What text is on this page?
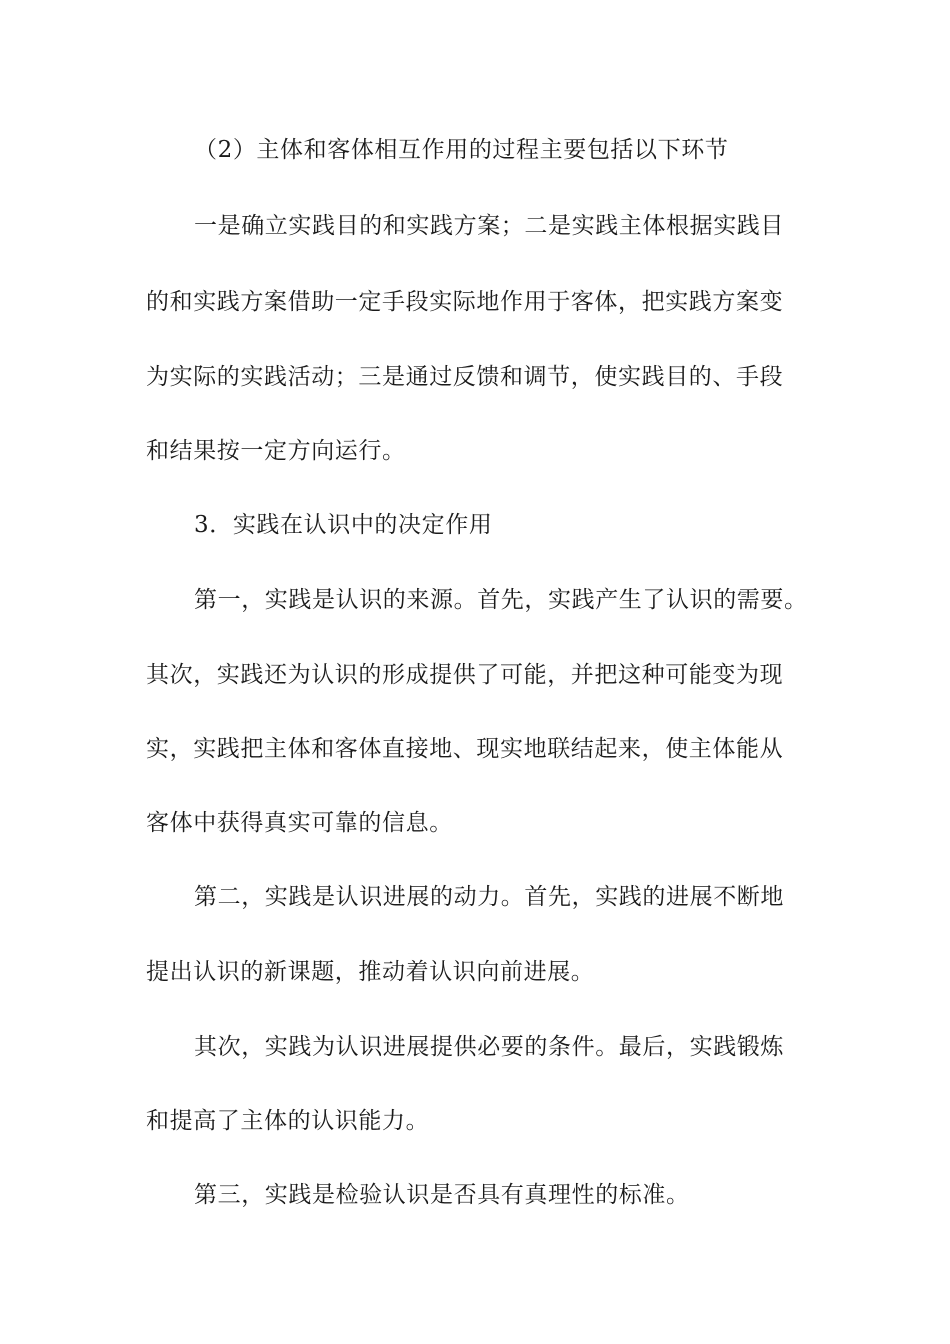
（2）主体和客体相互作用的过程主要包括以下环节
一是确立实践目的和实践方案；二是实践主体根据实践目
的和实践方案借助一定手段实际地作用于客体，把实践方案变
为实际的实践活动；三是通过反馈和调节，使实践目的、手段
和结果按一定方向运行。
3．实践在认识中的决定作用
第一，实践是认识的来源。首先，实践产生了认识的需要。
其次，实践还为认识的形成提供了可能，并把这种可能变为现
实，实践把主体和客体直接地、现实地联结起来，使主体能从
客体中获得真实可靠的信息。
第二，实践是认识进展的动力。首先，实践的进展不断地
提出认识的新课题，推动着认识向前进展。
其次，实践为认识进展提供必要的条件。最后，实践锻炼
和提高了主体的认识能力。
第三，实践是检验认识是否具有真理性的标准。
